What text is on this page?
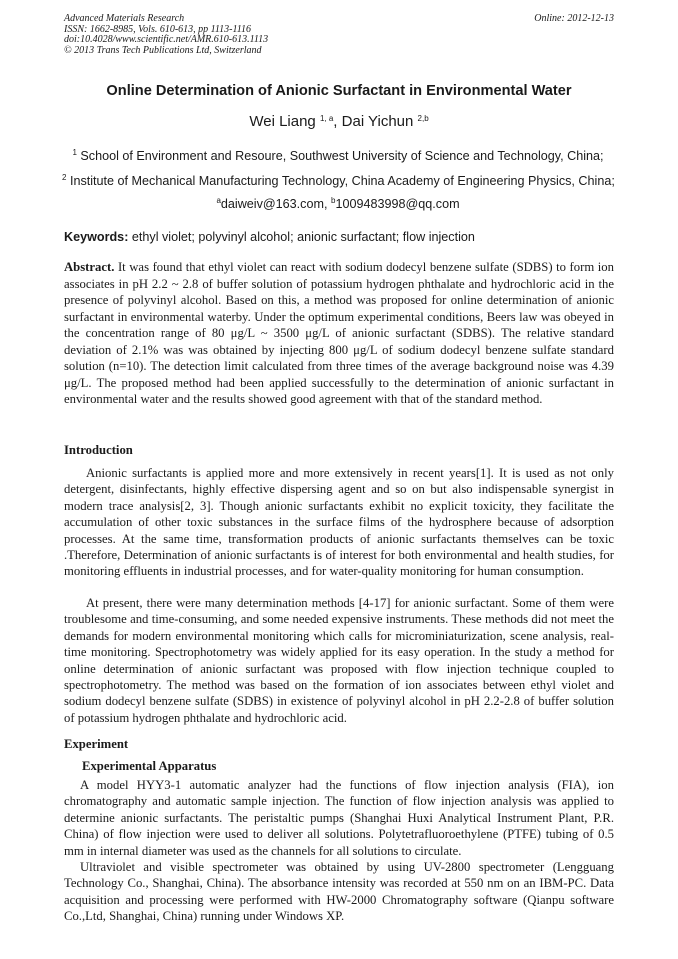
Advanced Materials Research
ISSN: 1662-8985, Vols. 610-613, pp 1113-1116
doi:10.4028/www.scientific.net/AMR.610-613.1113
© 2013 Trans Tech Publications Ltd, Switzerland
Online: 2012-12-13
Online Determination of Anionic Surfactant in Environmental Water
Wei Liang $^{1, a}$, Dai Yichun $^{2,b}$
$^1$ School of Environment and Resoure, Southwest University of Science and Technology, China;
$^2$ Institute of Mechanical Manufacturing Technology, China Academy of Engineering Physics, China;
$^a$daiweiv@163.com, $^b$1009483998@qq.com
Keywords: ethyl violet; polyvinyl alcohol; anionic surfactant; flow injection

Abstract. It was found that ethyl violet can react with sodium dodecyl benzene sulfate (SDBS) to form ion associates in pH 2.2 ~ 2.8 of buffer solution of potassium hydrogen phthalate and hydrochloric acid in the presence of polyvinyl alcohol. Based on this, a method was proposed for online determination of anionic surfactant in environmental waterby. Under the optimum experimental conditions, Beers law was obeyed in the concentration range of 80 μg/L ~ 3500 μg/L of anionic surfactant (SDBS). The relative standard deviation of 2.1% was was obtained by injecting 800 μg/L of sodium dodecyl benzene sulfate standard solution (n=10). The detection limit calculated from three times of the average background noise was 4.39 μg/L. The proposed method had been applied successfully to the determination of anionic surfactant in environmental water and the results showed good agreement with that of the standard method.

Introduction

Anionic surfactants is applied more and more extensively in recent years[1]. It is used as not only detergent, disinfectants, highly effective dispersing agent and so on but also indispensable synergist in modern trace analysis[2, 3]. Though anionic surfactants exhibit no explicit toxicity, they facilitate the accumulation of other toxic substances in the surface films of the hydrosphere because of adsorption processes. At the same time, transformation products of anionic surfactants themselves can be toxic .Therefore, Determination of anionic surfactants is of interest for both environmental and health studies, for monitoring effluents in industrial processes, and for water-quality monitoring for human consumption.

At present, there were many determination methods [4-17] for anionic surfactant. Some of them were troublesome and time-consuming, and some needed expensive instruments. These methods did not meet the demands for modern environmental monitoring which calls for microminiaturization, scene analysis, real-time monitoring. Spectrophotometry was widely applied for its easy operation. In the study a method for online determination of anionic surfactant was proposed with flow injection technique coupled to spectrophotometry. The method was based on the formation of ion associates between ethyl violet and sodium dodecyl benzene sulfate (SDBS) in existence of polyvinyl alcohol in pH 2.2-2.8 of buffer solution of potassium hydrogen phthalate and hydrochloric acid.

Experiment
Experimental Apparatus

A model HYY3-1 automatic analyzer had the functions of flow injection analysis (FIA), ion chromatography and automatic sample injection. The function of flow injection analysis was applied to determine anionic surfactants. The peristaltic pumps (Shanghai Huxi Analytical Instrument Plant, P.R. China) of flow injection were used to deliver all solutions. Polytetrafluoroethylene (PTFE) tubing of 0.5 mm in internal diameter was used as the channels for all solutions to circulate.

Ultraviolet and visible spectrometer was obtained by using UV-2800 spectrometer (Lengguang Technology Co., Shanghai, China). The absorbance intensity was recorded at 550 nm on an IBM-PC. Data acquisition and processing were performed with HW-2000 Chromatography software (Qianpu software Co.,Ltd, Shanghai, China) running under Windows XP.
